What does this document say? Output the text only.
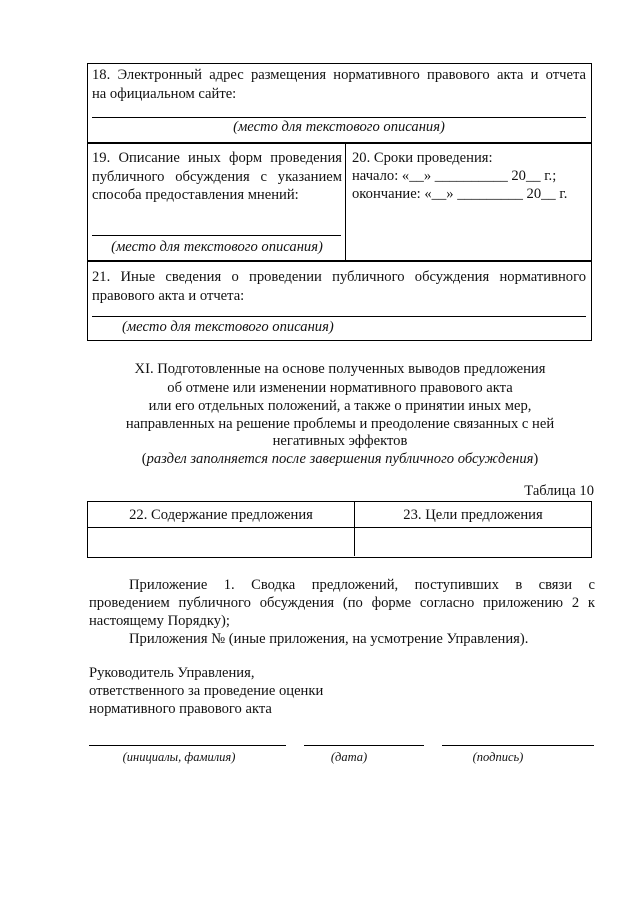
18. Электронный адрес размещения нормативного правового акта и отчета
на официальном сайте:
(место для текстового описания)
19. Описание иных форм проведения
публичного обсуждения с указанием
способа предоставления мнений:
(место для текстового описания)
20. Сроки проведения:
начало: «__» __________ 20__ г.;
окончание: «__» _________ 20__ г.
21. Иные сведения о проведении публичного обсуждения нормативного
правового акта и отчета:
(место для текстового описания)
XI. Подготовленные на основе полученных выводов предложения
об отмене или изменении нормативного правового акта
или его отдельных положений, а также о принятии иных мер,
направленных на решение проблемы и преодоление связанных с ней
негативных эффектов
(раздел заполняется после завершения публичного обсуждения)
Таблица 10
22. Содержание предложения	23. Цели предложения
Приложение 1. Сводка предложений, поступивших в связи с
проведением публичного обсуждения (по форме согласно приложению 2 к
настоящему Порядку);
Приложения № (иные приложения, на усмотрение Управления).
Руководитель Управления,
ответственного за проведение оценки
нормативного правового акта
(инициалы, фамилия)	(дата)	(подпись)
